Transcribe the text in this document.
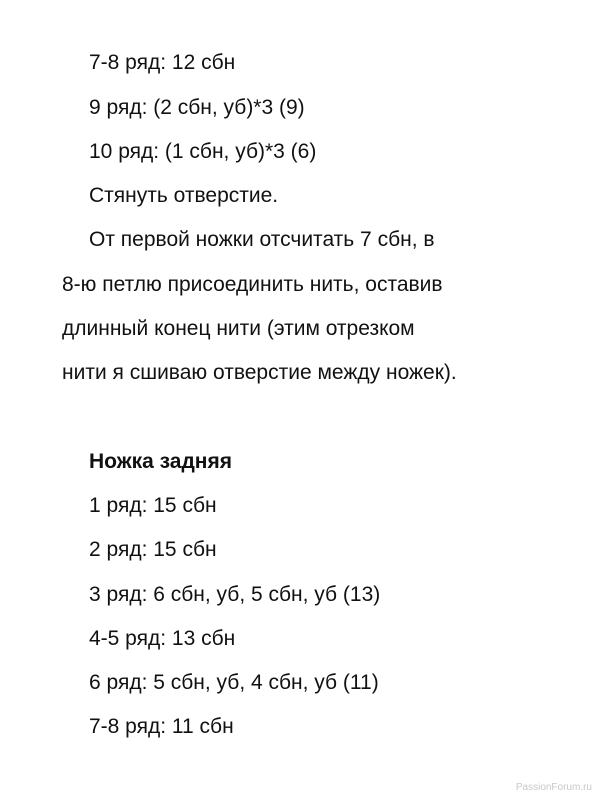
7-8 ряд: 12 сбн
9 ряд: (2 сбн, уб)*3 (9)
10 ряд: (1 сбн, уб)*3 (6)
Стянуть отверстие.
От первой ножки отсчитать 7 сбн, в
8-ю петлю присоединить нить, оставив
длинный конец нити (этим отрезком
нити я сшиваю отверстие между ножек).
Ножка задняя
1 ряд: 15 сбн
2 ряд: 15 сбн
3 ряд: 6 сбн, уб, 5 сбн, уб (13)
4-5 ряд: 13 сбн
6 ряд: 5 сбн, уб, 4 сбн, уб (11)
7-8 ряд: 11 сбн
PassionForum.ru
